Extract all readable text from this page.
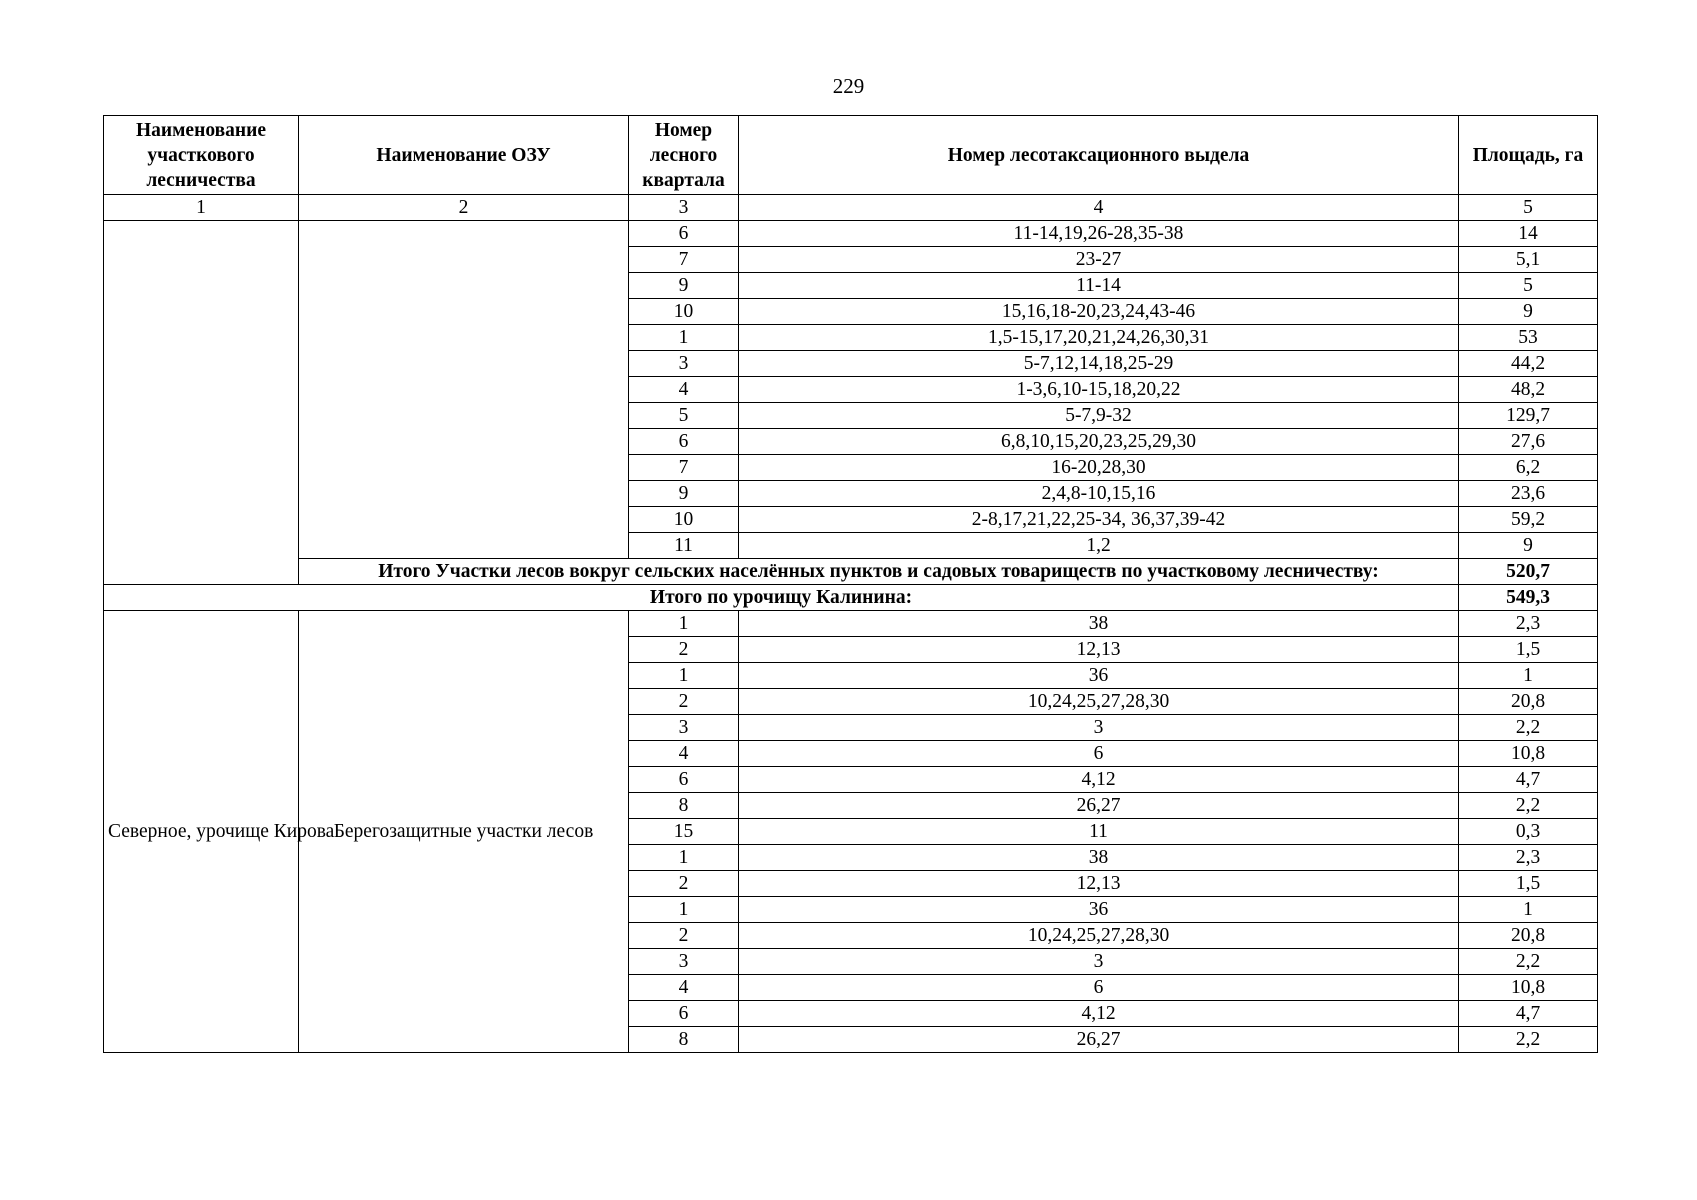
229
Наименование участкового лесничества	Наименование ОЗУ	Номер лесного квартала	Номер лесотаксационного выдела	Площадь, га
1	2	3	4	5
		6	11-14,19,26-28,35-38	14
		7	23-27	5,1
		9	11-14	5
		10	15,16,18-20,23,24,43-46	9
		1	1,5-15,17,20,21,24,26,30,31	53
		3	5-7,12,14,18,25-29	44,2
		4	1-3,6,10-15,18,20,22	48,2
		5	5-7,9-32	129,7
		6	6,8,10,15,20,23,25,29,30	27,6
		7	16-20,28,30	6,2
		9	2,4,8-10,15,16	23,6
		10	2-8,17,21,22,25-34, 36,37,39-42	59,2
		11	1,2	9
	Итого Участки лесов вокруг сельских населённых пунктов и садовых товариществ по участковому лесничеству:			520,7
Итого по урочищу Калинина:				549,3
Северное, урочище Кирова	Берегозащитные участки лесов	1	38	2,3
		2	12,13	1,5
		1	36	1
		2	10,24,25,27,28,30	20,8
		3	3	2,2
		4	6	10,8
		6	4,12	4,7
		8	26,27	2,2
		15	11	0,3
		1	38	2,3
		2	12,13	1,5
		1	36	1
		2	10,24,25,27,28,30	20,8
		3	3	2,2
		4	6	10,8
		6	4,12	4,7
		8	26,27	2,2
